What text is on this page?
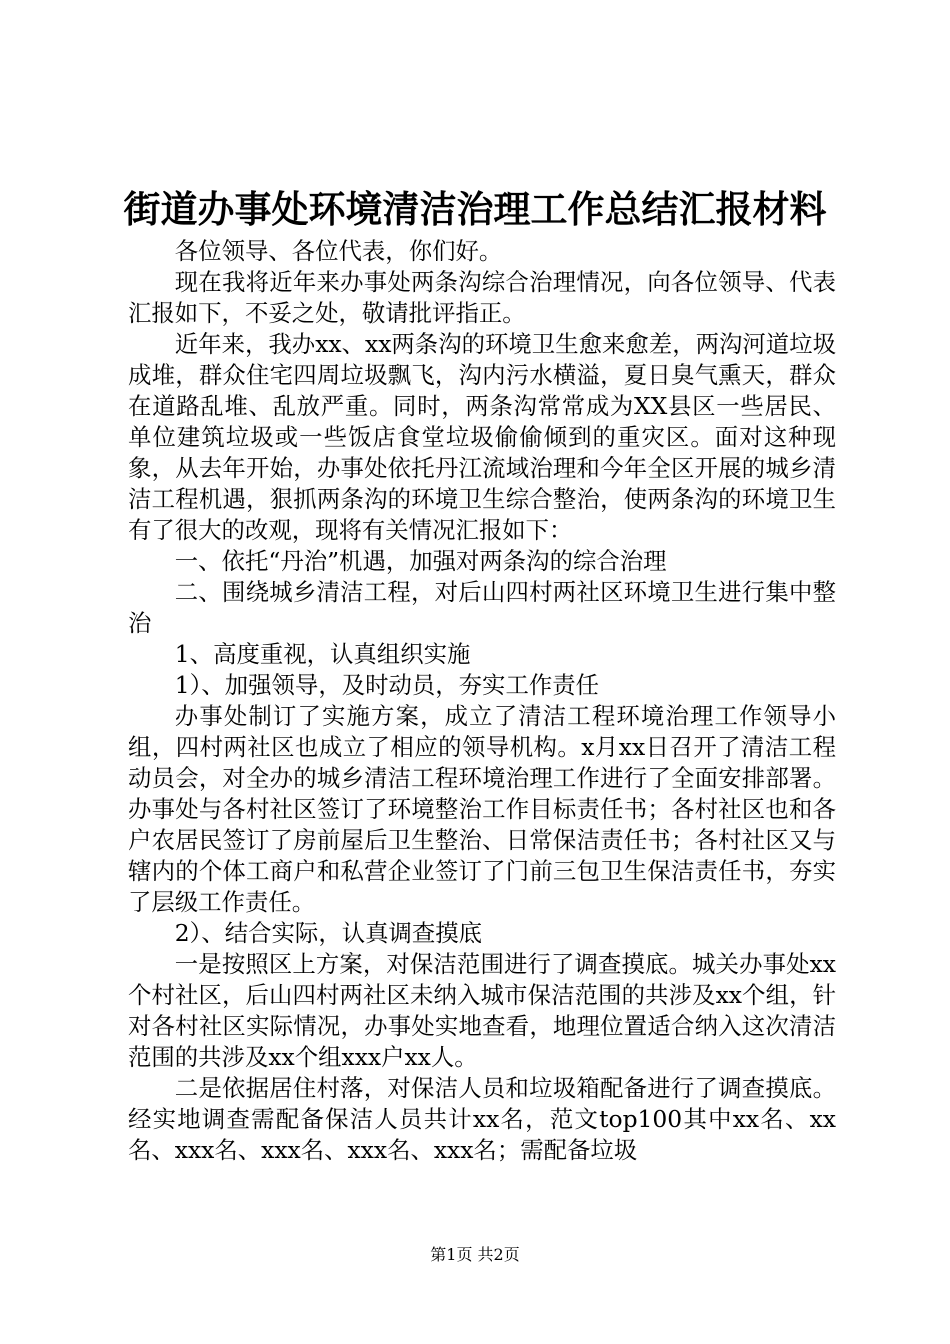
街道办事处环境清洁治理工作总结汇报材料

各位领导、各位代表，你们好。

现在我将近年来办事处两条沟综合治理情况，向各位领导、代表汇报如下，不妥之处，敬请批评指正。

近年来，我办xx、xx两条沟的环境卫生愈来愈差，两沟河道垃圾成堆，群众住宅四周垃圾飘飞，沟内污水横溢，夏日臭气熏天，群众在道路乱堆、乱放严重。同时，两条沟常常成为XX县区一些居民、单位建筑垃圾或一些饭店食堂垃圾偷偷倾到的重灾区。面对这种现象，从去年开始，办事处依托丹江流域治理和今年全区开展的城乡清洁工程机遇，狠抓两条沟的环境卫生综合整治，使两条沟的环境卫生有了很大的改观，现将有关情况汇报如下：

一、依托“丹治”机遇，加强对两条沟的综合治理

二、围绕城乡清洁工程，对后山四村两社区环境卫生进行集中整治

1、高度重视，认真组织实施

1）、加强领导，及时动员，夯实工作责任

办事处制订了实施方案，成立了清洁工程环境治理工作领导小组，四村两社区也成立了相应的领导机构。x月xx日召开了清洁工程动员会，对全办的城乡清洁工程环境治理工作进行了全面安排部署。办事处与各村社区签订了环境整治工作目标责任书；各村社区也和各户农居民签订了房前屋后卫生整治、日常保洁责任书；各村社区又与辖内的个体工商户和私营企业签订了门前三包卫生保洁责任书，夯实了层级工作责任。

2）、结合实际，认真调查摸底

一是按照区上方案，对保洁范围进行了调查摸底。城关办事处xx个村社区，后山四村两社区未纳入城市保洁范围的共涉及xx个组，针对各村社区实际情况，办事处实地查看，地理位置适合纳入这次清洁范围的共涉及xx个组xxx户xx人。

二是依据居住村落，对保洁人员和垃圾箱配备进行了调查摸底。经实地调查需配备保洁人员共计xx名，范文top100其中xx名、xx名、xxx名、xxx名、xxx名、xxx名；需配备垃圾

第1页 共2页
